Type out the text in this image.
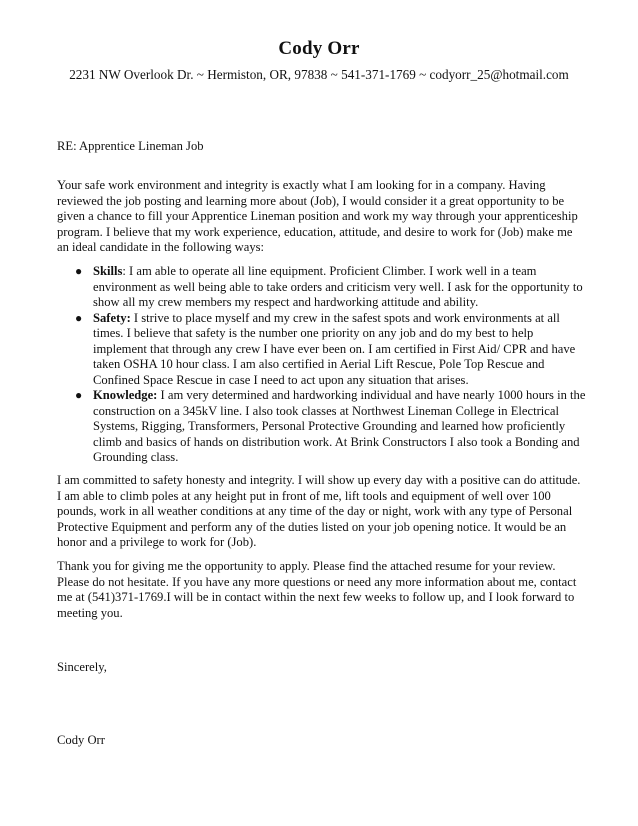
Cody Orr
2231 NW Overlook Dr. ~ Hermiston, OR, 97838 ~ 541-371-1769 ~ codyorr_25@hotmail.com
RE: Apprentice Lineman Job
Your safe work environment and integrity is exactly what I am looking for in a company. Having reviewed the job posting and learning more about (Job), I would consider it a great opportunity to be given a chance to fill your Apprentice Lineman position and work my way through your apprenticeship program. I believe that my work experience, education, attitude, and desire to work for (Job) make me an ideal candidate in the following ways:
● Skills: I am able to operate all line equipment. Proficient Climber. I work well in a team environment as well being able to take orders and criticism very well. I ask for the opportunity to show all my crew members my respect and hardworking attitude and ability.
● Safety: I strive to place myself and my crew in the safest spots and work environments at all times. I believe that safety is the number one priority on any job and do my best to help implement that through any crew I have ever been on. I am certified in First Aid/ CPR and have taken OSHA 10 hour class. I am also certified in Aerial Lift Rescue, Pole Top Rescue and Confined Space Rescue in case I need to act upon any situation that arises.
● Knowledge: I am very determined and hardworking individual and have nearly 1000 hours in the construction on a 345kV line. I also took classes at Northwest Lineman College in Electrical Systems, Rigging, Transformers, Personal Protective Grounding and learned how proficiently climb and basics of hands on distribution work. At Brink Constructors I also took a Bonding and Grounding class.
I am committed to safety honesty and integrity. I will show up every day with a positive can do attitude. I am able to climb poles at any height put in front of me, lift tools and equipment of well over 100 pounds, work in all weather conditions at any time of the day or night, work with any type of Personal Protective Equipment and perform any of the duties listed on your job opening notice. It would be an honor and a privilege to work for (Job).
Thank you for giving me the opportunity to apply. Please find the attached resume for your review. Please do not hesitate. If you have any more questions or need any more information about me, contact me at (541)371-1769.I will be in contact within the next few weeks to follow up, and I look forward to meeting you.
Sincerely,
Cody Orr
